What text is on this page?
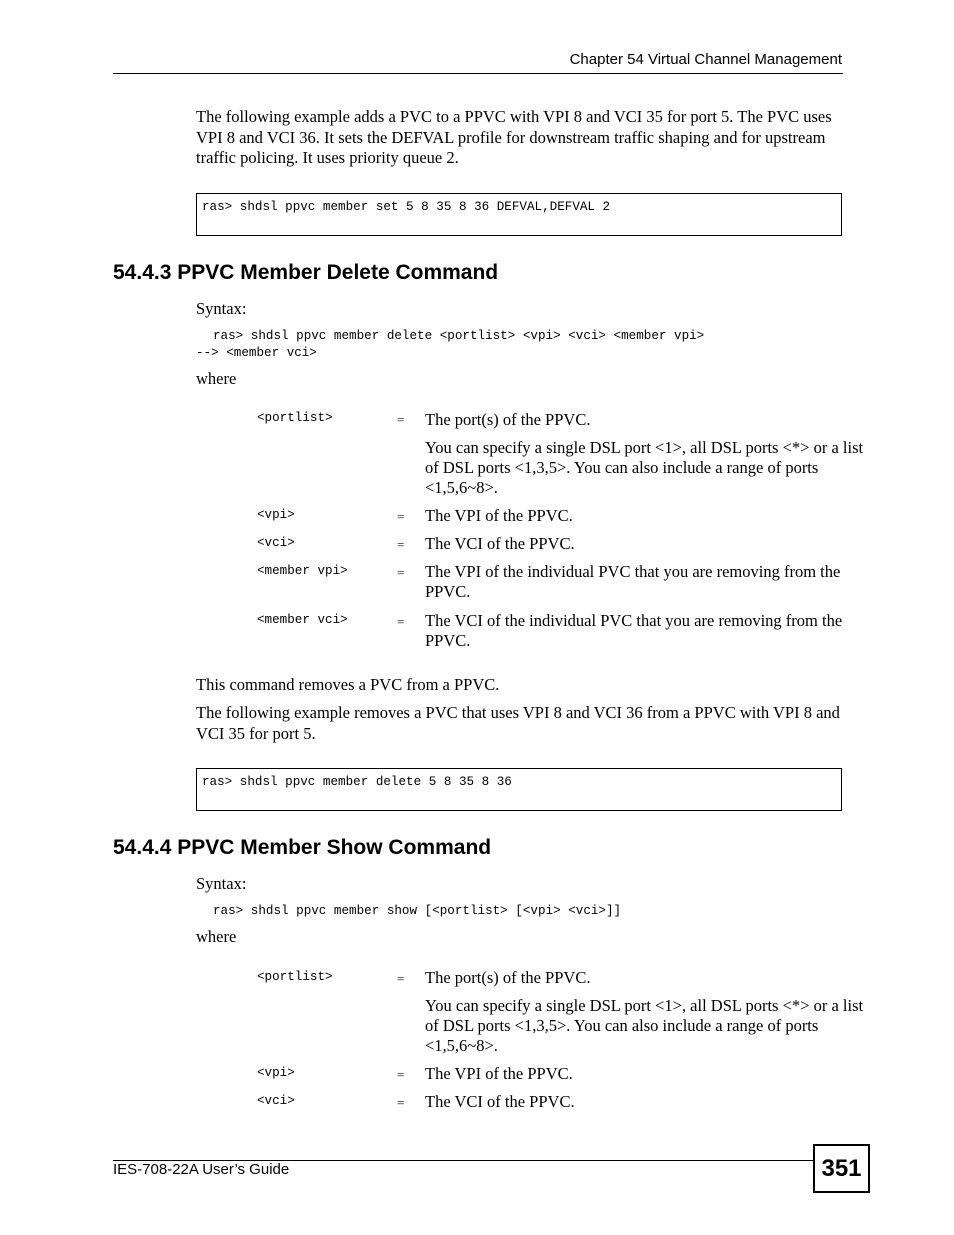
Chapter 54 Virtual Channel Management

The following example adds a PVC to a PPVC with VPI 8 and VCI 35 for port 5. The PVC uses VPI 8 and VCI 36. It sets the DEFVAL profile for downstream traffic shaping and for upstream traffic policing. It uses priority queue 2.

ras> shdsl ppvc member set 5 8 35 8 36 DEFVAL,DEFVAL 2
54.4.3 PPVC Member Delete Command
Syntax:
ras> shdsl ppvc member delete <portlist> <vpi> <vci> <member vpi>
--> <member vci>
where
<portlist>	= The port(s) of the PPVC.

You can specify a single DSL port <1>, all DSL ports <*> or a list of DSL ports <1,3,5>. You can also include a range of ports <1,5,6~8>.

<vpi>	= The VPI of the PPVC.

<vci>	= The VCI of the PPVC.

<member vpi>	= The VPI of the individual PVC that you are removing from the PPVC.

<member vci>	= The VCI of the individual PVC that you are removing from the PPVC.

This command removes a PVC from a PPVC.

The following example removes a PVC that uses VPI 8 and VCI 36 from a PPVC with VPI 8 and VCI 35 for port 5.

ras> shdsl ppvc member delete 5 8 35 8 36
54.4.4 PPVC Member Show Command
Syntax:
ras> shdsl ppvc member show [<portlist> [<vpi> <vci>]]
where
<portlist>	= The port(s) of the PPVC.

You can specify a single DSL port <1>, all DSL ports <*> or a list of DSL ports <1,3,5>. You can also include a range of ports <1,5,6~8>.

<vpi>	= The VPI of the PPVC.

<vci>	= The VCI of the PPVC.

IES-708-22A User’s Guide	351
